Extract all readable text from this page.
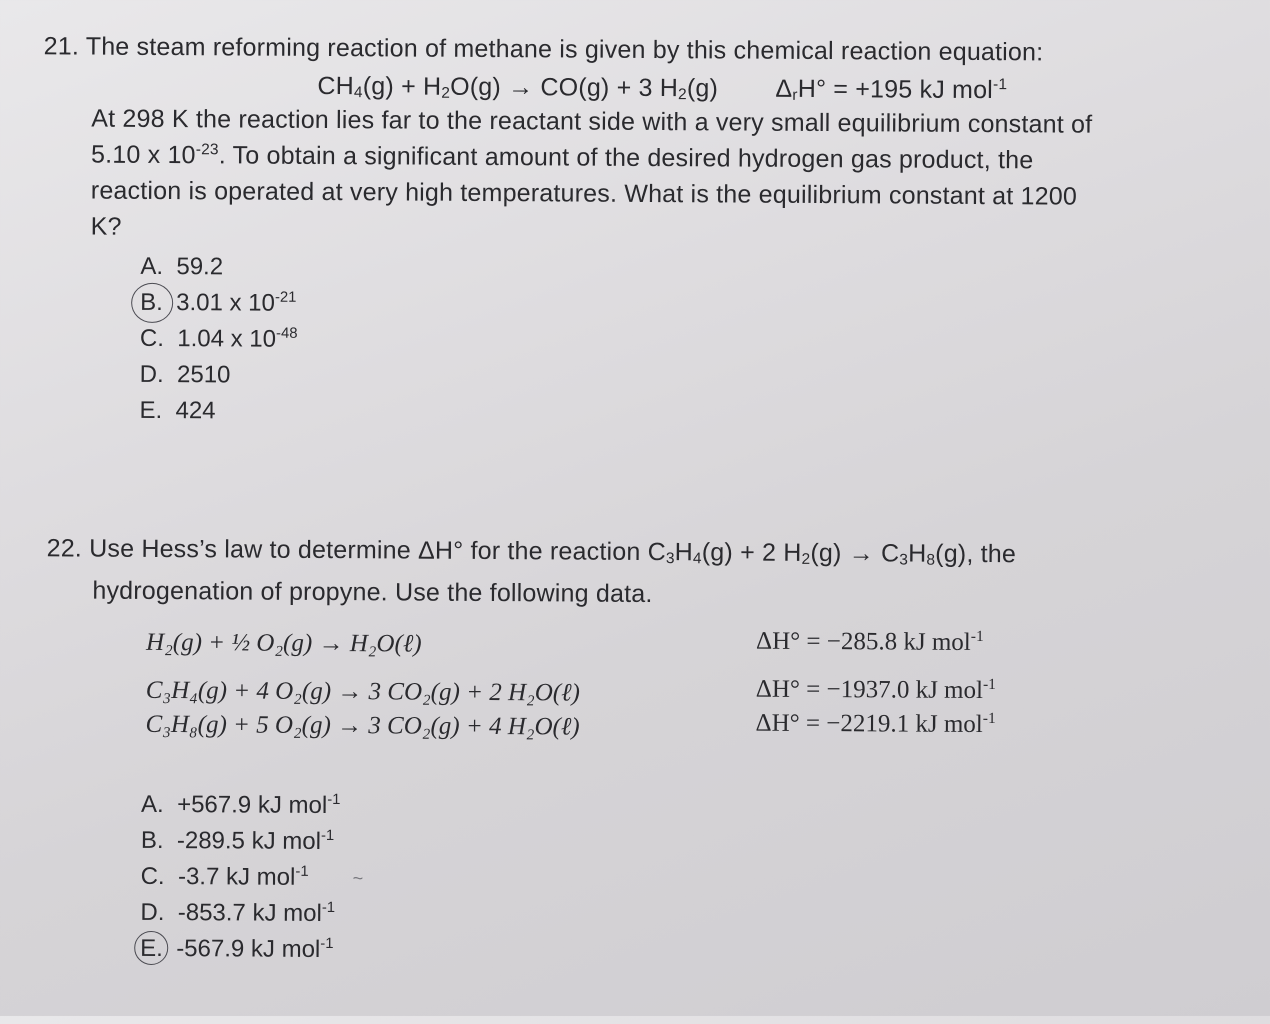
21. The steam reforming reaction of methane is given by this chemical reaction equation:
$CH_4(g) + H_2O(g) \to CO(g) + 3$ $H_2(g) \Delta_rH^\circ = +195$ kJ mol$^{-1}$
At 298 K the reaction lies far to the reactant side with a very small equilibrium constant of
5.10 x $10^{-23}$. To obtain a significant amount of the desired hydrogen gas product, the
reaction is operated at very high temperatures. What is the equilibrium constant at 1200
K?
A. 59.2
B. 3.01 x $10^{-21}$
C. 1.04 x $10^{-48}$
D. 2510
E. 424
22. Use Hess’s law to determine ΔH° for the reaction $C_3H_4(g) + 2$ $H_2(g) \to C_3H_8(g)$, the
hydrogenation of propyne. Use the following data.
H₂(g) + ½ O₂(g) → H₂O(ℓ)
C₃H₄(g) + 4 O₂(g) → 3 CO₂(g) + 2 H₂O(ℓ)
C₃H₈(g) + 5 O₂(g) → 3 CO₂(g) + 4 H₂O(ℓ)
ΔH° = −285.8 kJ mol$^{-1}$
ΔH° = −1937.0 kJ mol$^{-1}$
ΔH° = −2219.1 kJ mol$^{-1}$
A. +567.9 kJ mol$^{-1}$
B. -289.5 kJ mol$^{-1}$
C. -3.7 kJ mol$^{-1}$ ~
D. -853.7 kJ mol$^{-1}$
E. -567.9 kJ mol$^{-1}$
